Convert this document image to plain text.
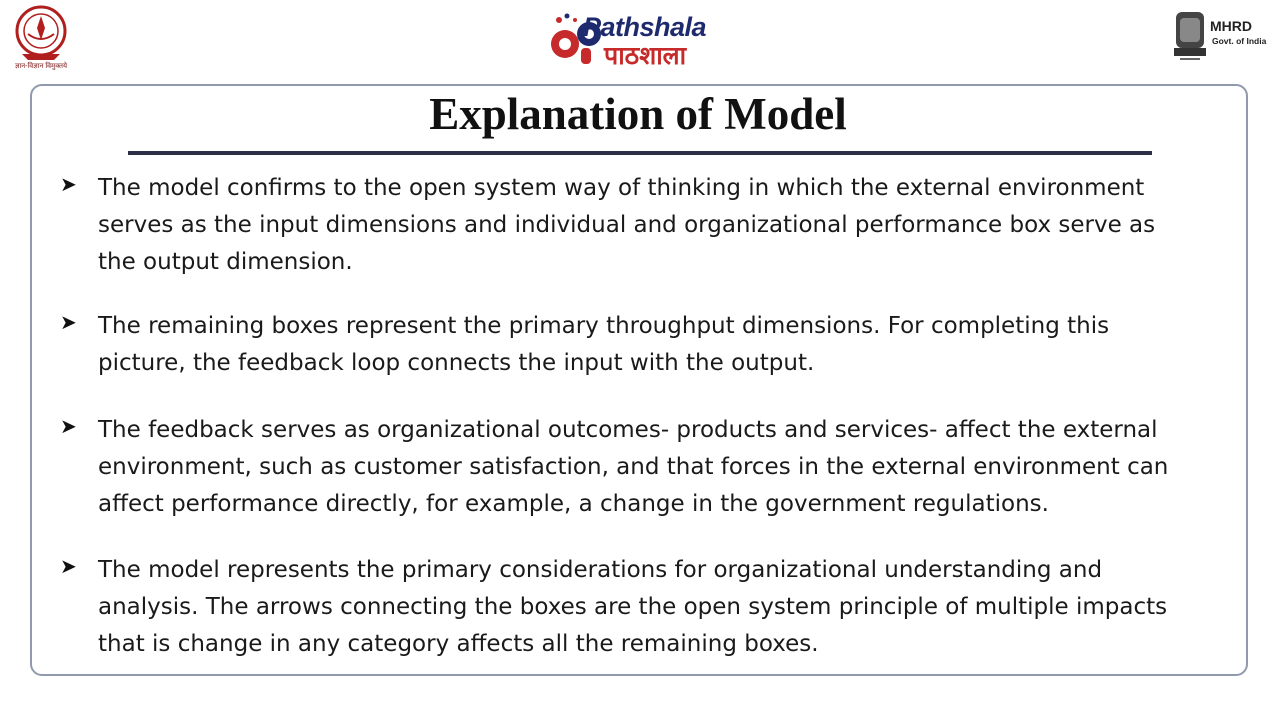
ज्ञान-विज्ञान विमुक्तये
Pathshala
पाठशाला
MHRD
Govt. of India
Explanation of Model
➤ The model confirms to the open system way of thinking in which the external environment serves as the input dimensions and individual and organizational performance box serve as the output dimension.
➤ The remaining boxes represent the primary throughput dimensions. For completing this picture, the feedback loop connects the input with the output.
➤ The feedback serves as organizational outcomes- products and services- affect the external environment, such as customer satisfaction, and that forces in the external environment can affect performance directly, for example, a change in the government regulations.
➤ The model represents the primary considerations for organizational understanding and analysis. The arrows connecting the boxes are the open system principle of multiple impacts that is change in any category affects all the remaining boxes.
